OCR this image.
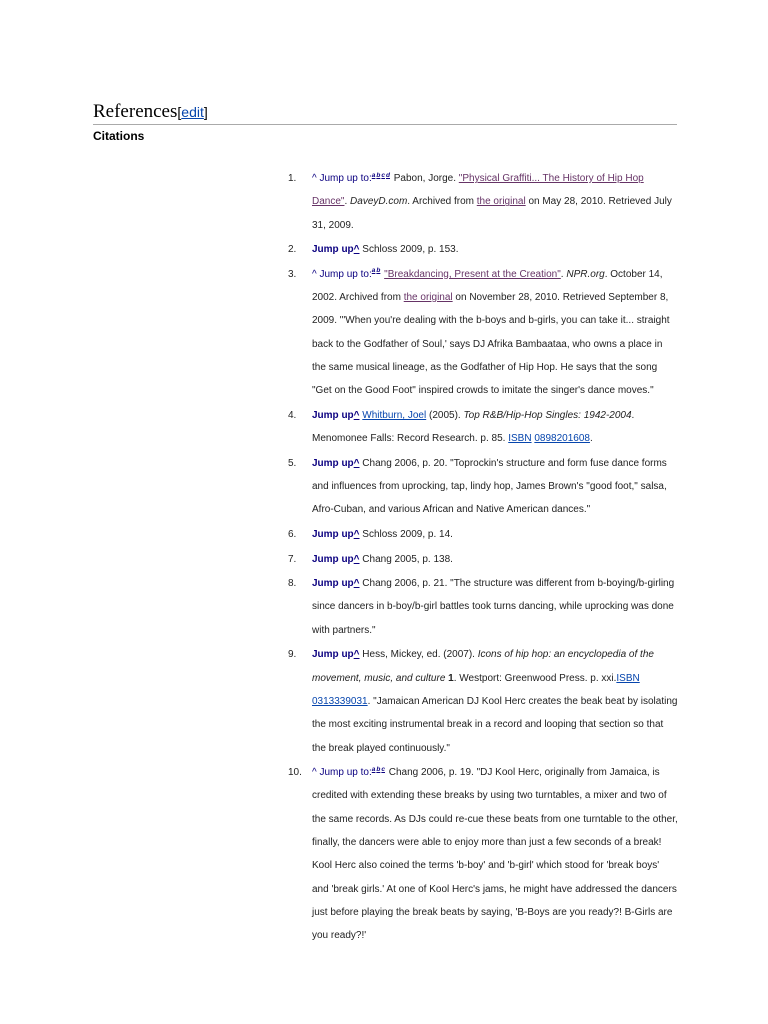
References[edit]
Citations
1. ^ Jump up to:$^{abcd}$ Pabon, Jorge. "Physical Graffiti... The History of Hip Hop Dance". DaveyD.com. Archived from the original on May 28, 2010. Retrieved July 31, 2009.
2. Jump up^ Schloss 2009, p. 153.
3. ^ Jump up to:$^{ab}$ "Breakdancing, Present at the Creation". NPR.org. October 14, 2002. Archived from the original on November 28, 2010. Retrieved September 8, 2009. "'When you're dealing with the b-boys and b-girls, you can take it... straight back to the Godfather of Soul,' says DJ Afrika Bambaataa, who owns a place in the same musical lineage, as the Godfather of Hip Hop. He says that the song "Get on the Good Foot" inspired crowds to imitate the singer's dance moves."
4. Jump up^ Whitburn, Joel (2005). Top R&B/Hip-Hop Singles: 1942-2004. Menomonee Falls: Record Research. p. 85. ISBN 0898201608.
5. Jump up^ Chang 2006, p. 20. "Toprockin's structure and form fuse dance forms and influences from uprocking, tap, lindy hop, James Brown's "good foot," salsa, Afro-Cuban, and various African and Native American dances."
6. Jump up^ Schloss 2009, p. 14.
7. Jump up^ Chang 2005, p. 138.
8. Jump up^ Chang 2006, p. 21. "The structure was different from b-boying/b-girling since dancers in b-boy/b-girl battles took turns dancing, while uprocking was done with partners."
9. Jump up^ Hess, Mickey, ed. (2007). Icons of hip hop: an encyclopedia of the movement, music, and culture 1. Westport: Greenwood Press. p. xxi.ISBN 0313339031. "Jamaican American DJ Kool Herc creates the beak beat by isolating the most exciting instrumental break in a record and looping that section so that the break played continuously."
10. ^ Jump up to:$^{abc}$ Chang 2006, p. 19. "DJ Kool Herc, originally from Jamaica, is credited with extending these breaks by using two turntables, a mixer and two of the same records. As DJs could re-cue these beats from one turntable to the other, finally, the dancers were able to enjoy more than just a few seconds of a break! Kool Herc also coined the terms 'b-boy' and 'b-girl' which stood for 'break boys' and 'break girls.' At one of Kool Herc's jams, he might have addressed the dancers just before playing the break beats by saying, 'B-Boys are you ready?! B-Girls are you ready?!'
